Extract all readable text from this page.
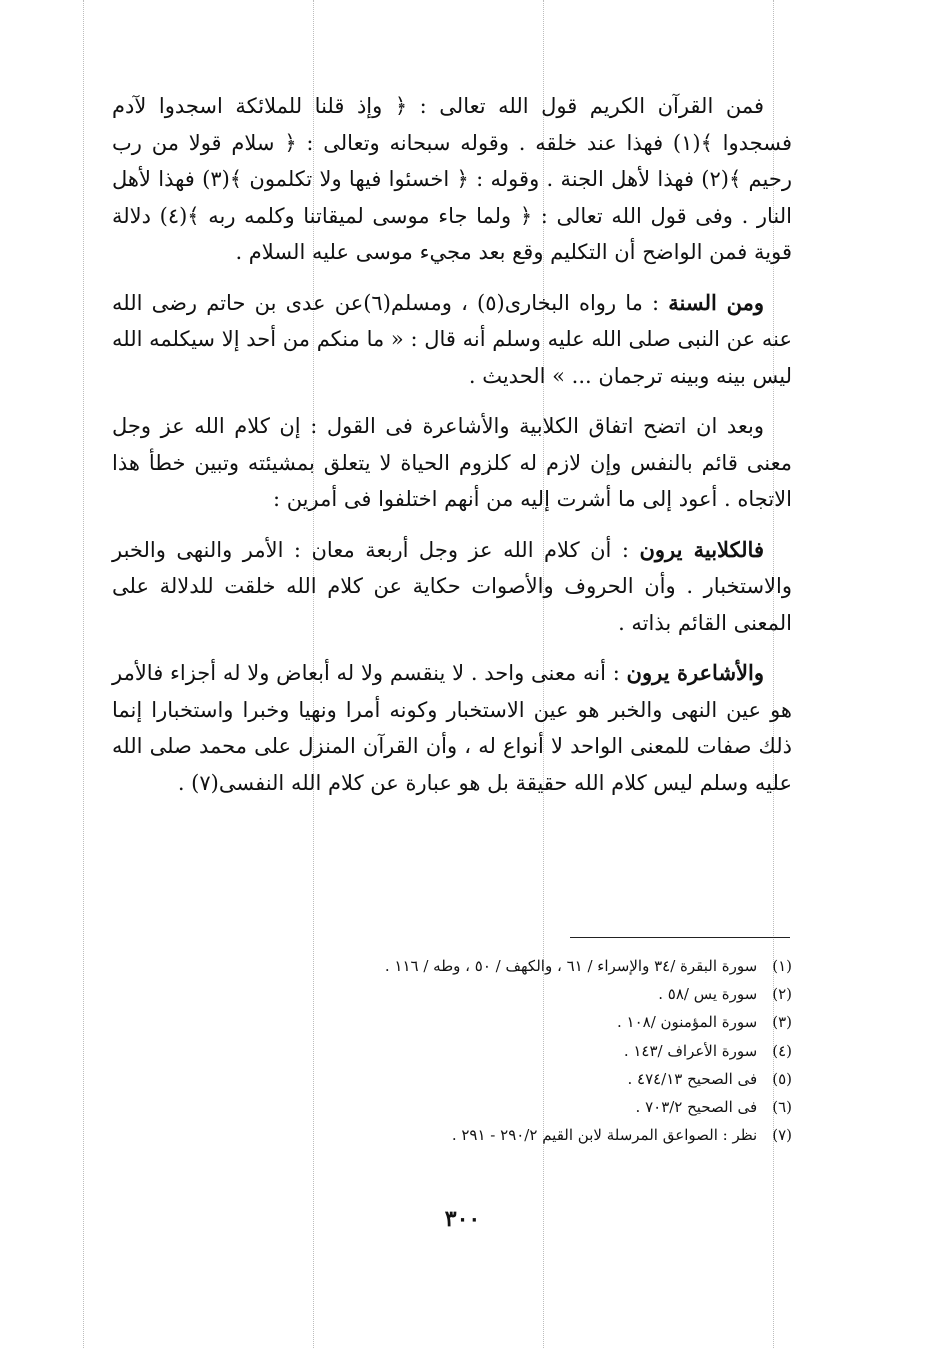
فمن القرآن الكريم قول الله تعالى : ﴿ وإذ قلنا للملائكة اسجدوا لآدم فسجدوا ﴾(١) فهذا عند خلقه . وقوله سبحانه وتعالى : ﴿ سلام قولا من رب رحيم ﴾(٢) فهذا لأهل الجنة . وقوله : ﴿ اخسئوا فيها ولا تكلمون ﴾(٣) فهذا لأهل النار . وفى قول الله تعالى : ﴿ ولما جاء موسى لميقاتنا وكلمه ربه ﴾(٤) دلالة قوية فمن الواضح أن التكليم وقع بعد مجيء موسى عليه السلام .

ومن السنة : ما رواه البخارى(٥) ، ومسلم(٦)عن عدى بن حاتم رضى الله عنه عن النبى صلى الله عليه وسلم أنه قال : « ما منكم من أحد إلا سيكلمه الله ليس بينه وبينه ترجمان ... » الحديث .

وبعد ان اتضح اتفاق الكلابية والأشاعرة فى القول : إن كلام الله عز وجل معنى قائم بالنفس وإن لازم له كلزوم الحياة لا يتعلق بمشيئته وتبين خطأ هذا الاتجاه . أعود إلى ما أشرت إليه من أنهم اختلفوا فى أمرين :

فالكلابية يرون : أن كلام الله عز وجل أربعة معان : الأمر والنهى والخبر والاستخبار . وأن الحروف والأصوات حكاية عن كلام الله خلقت للدلالة على المعنى القائم بذاته .

والأشاعرة يرون : أنه معنى واحد . لا ينقسم ولا له أبعاض ولا له أجزاء فالأمر هو عين النهى والخبر هو عين الاستخبار وكونه أمرا ونهيا وخبرا واستخبارا إنما ذلك صفات للمعنى الواحد لا أنواع له ، وأن القرآن المنزل على محمد صلى الله عليه وسلم ليس كلام الله حقيقة بل هو عبارة عن كلام الله النفسى(٧) .

(١) سورة البقرة /٣٤ والإسراء / ٦١ ، والكهف / ٥٠ ، وطه / ١١٦ .
(٢) سورة يس /٥٨ .
(٣) سورة المؤمنون /١٠٨ .
(٤) سورة الأعراف /١٤٣ .
(٥) فى الصحيح ٤٧٤/١٣ .
(٦) فى الصحيح ٧٠٣/٢ .
(٧) نظر : الصواعق المرسلة لابن القيم ٢٩٠/٢ - ٢٩١ .
٣٠٠
